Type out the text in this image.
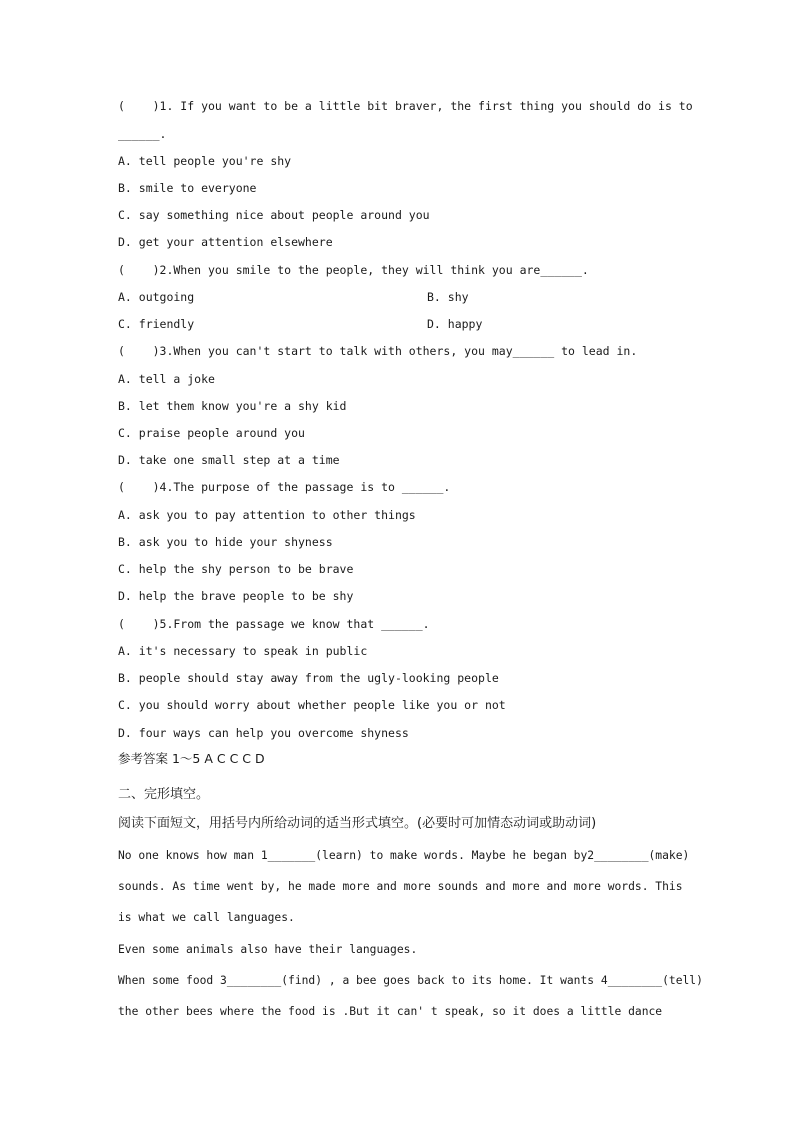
(    )1. If you want to be a little bit braver, the first thing you should do is to
______.
A. tell people you're shy
B. smile to everyone
C. say something nice about people around you
D. get your attention elsewhere
(    )2.When you smile to the people, they will think you are______.
A. outgoing	B. shy
C. friendly	D. happy
(    )3.When you can't start to talk with others, you may______ to lead in.
A. tell a joke
B. let them know you're a shy kid
C. praise people around you
D. take one small step at a time
(    )4.The purpose of the passage is to ______.
A. ask you to pay attention to other things
B. ask you to hide your shyness
C. help the shy person to be brave
D. help the brave people to be shy
(    )5.From the passage we know that ______.
A. it's necessary to speak in public
B. people should stay away from the ugly-looking people
C. you should worry about whether people like you or not
D. four ways can help you overcome shyness
参考答案 1～5 A C C C D
二、完形填空。
阅读下面短文，用括号内所给动词的适当形式填空。(必要时可加情态动词或助动词)
No one knows how man 1_______(learn) to make words. Maybe he began by2________(make)
sounds. As time went by, he made more and more sounds and more and more words. This
is what we call languages.
Even some animals also have their languages.
When some food 3________(find) , a bee goes back to its home. It wants 4________(tell)
the other bees where the food is .But it can' t speak, so it does a little dance
